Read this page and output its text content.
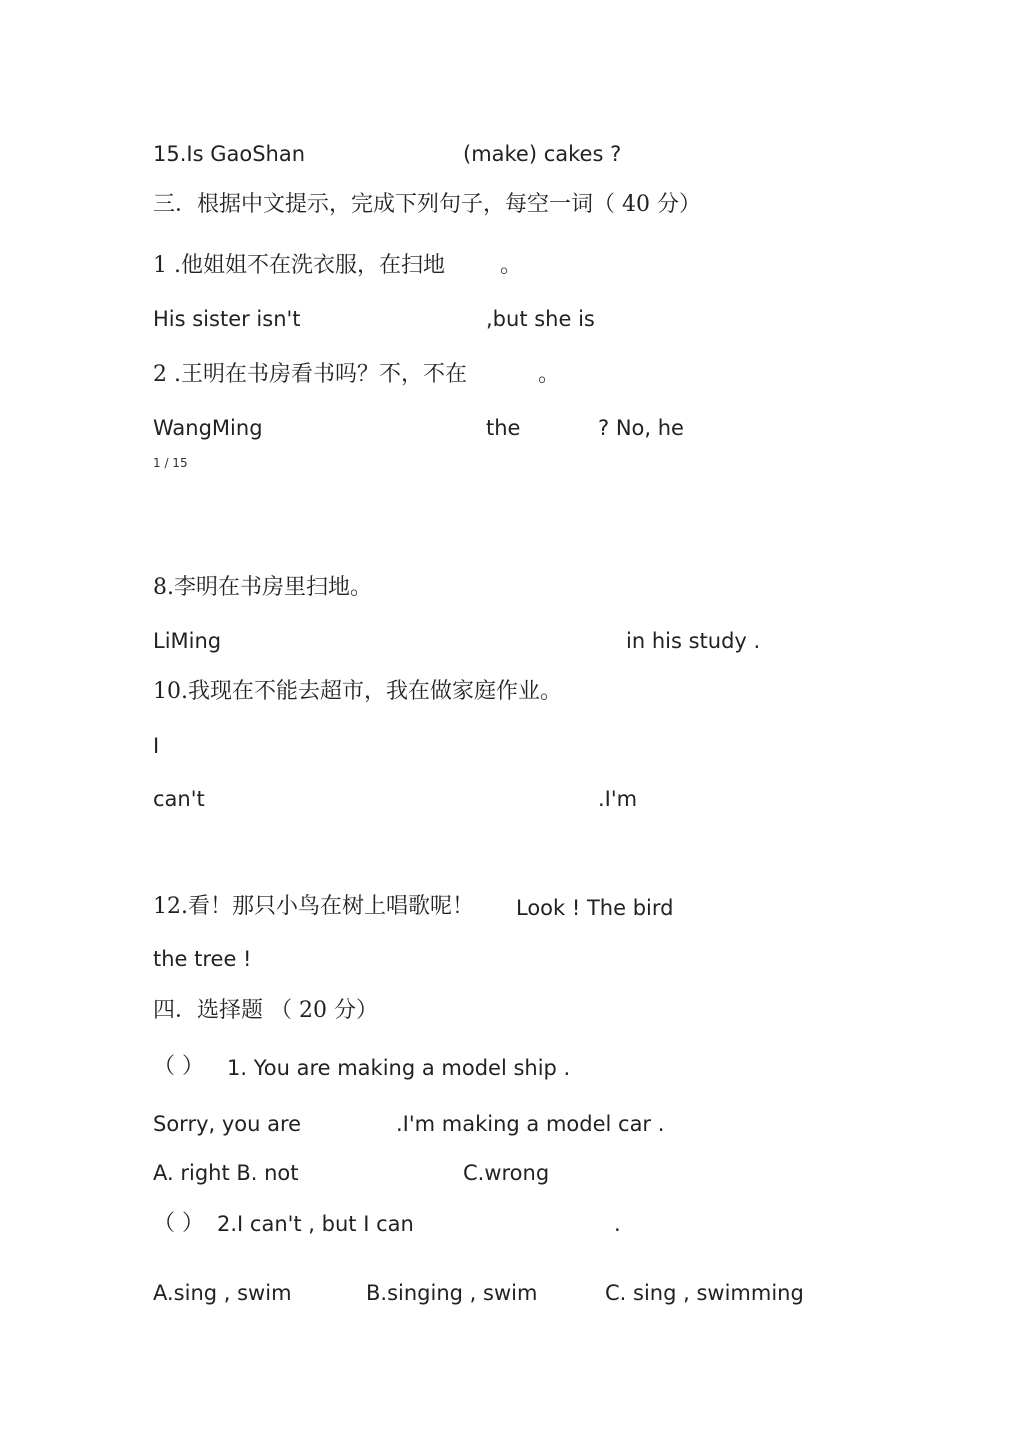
15.Is GaoShan	(make) cakes ?
三．根据中文提示，完成下列句子，每空一词（ 40 分）
1 .他姐姐不在洗衣服，在扫地	。
His sister isn't	,but she is
2 .王明在书房看书吗？不，不在	。
WangMing	the	? No, he
1 / 15
8.李明在书房里扫地。
LiMing	in his study .
10.我现在不能去超市，我在做家庭作业。
I
can't	.I'm
12.看！那只小鸟在树上唱歌呢！ Look ! The bird
the tree !
四．选择题 （ 20 分）
（ ） 1. You are making a model ship .
Sorry, you are	.I'm making a model car .
A. right B. not	C.wrong
（ ） 2.I can't , but I can	.
A.sing , swim	B.singing , swim	C. sing , swimming
